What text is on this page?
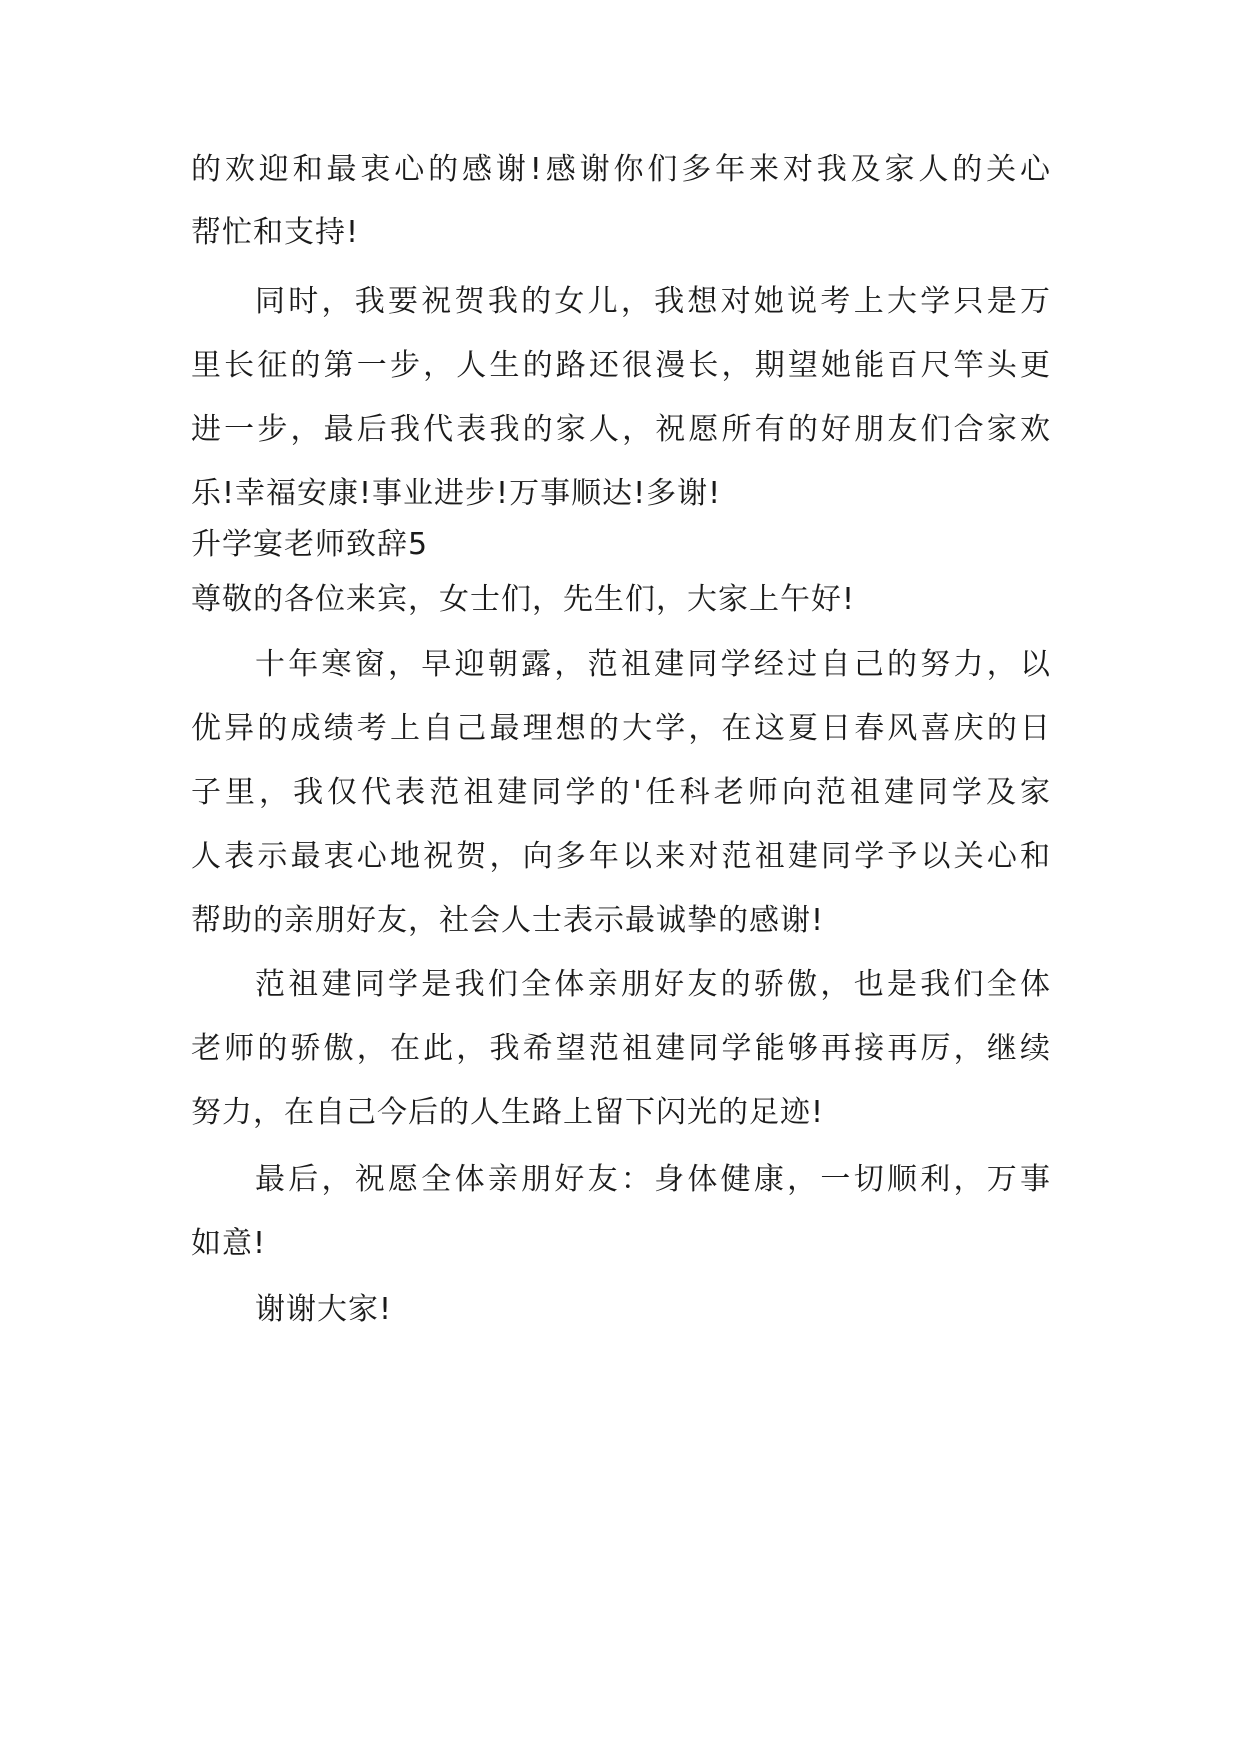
的欢迎和最衷心的感谢!感谢你们多年来对我及家人的关心

帮忙和支持!

同时，我要祝贺我的女儿，我想对她说考上大学只是万

里长征的第一步，人生的路还很漫长，期望她能百尺竿头更

进一步，最后我代表我的家人，祝愿所有的好朋友们合家欢

乐!幸福安康!事业进步!万事顺达!多谢!

升学宴老师致辞5

尊敬的各位来宾，女士们，先生们，大家上午好!

十年寒窗，早迎朝露，范祖建同学经过自己的努力，以

优异的成绩考上自己最理想的大学，在这夏日春风喜庆的日

子里，我仅代表范祖建同学的'任科老师向范祖建同学及家

人表示最衷心地祝贺，向多年以来对范祖建同学予以关心和

帮助的亲朋好友，社会人士表示最诚挚的感谢!

范祖建同学是我们全体亲朋好友的骄傲，也是我们全体

老师的骄傲，在此，我希望范祖建同学能够再接再厉，继续

努力，在自己今后的人生路上留下闪光的足迹!

最后，祝愿全体亲朋好友：身体健康，一切顺利，万事

如意!

谢谢大家!
